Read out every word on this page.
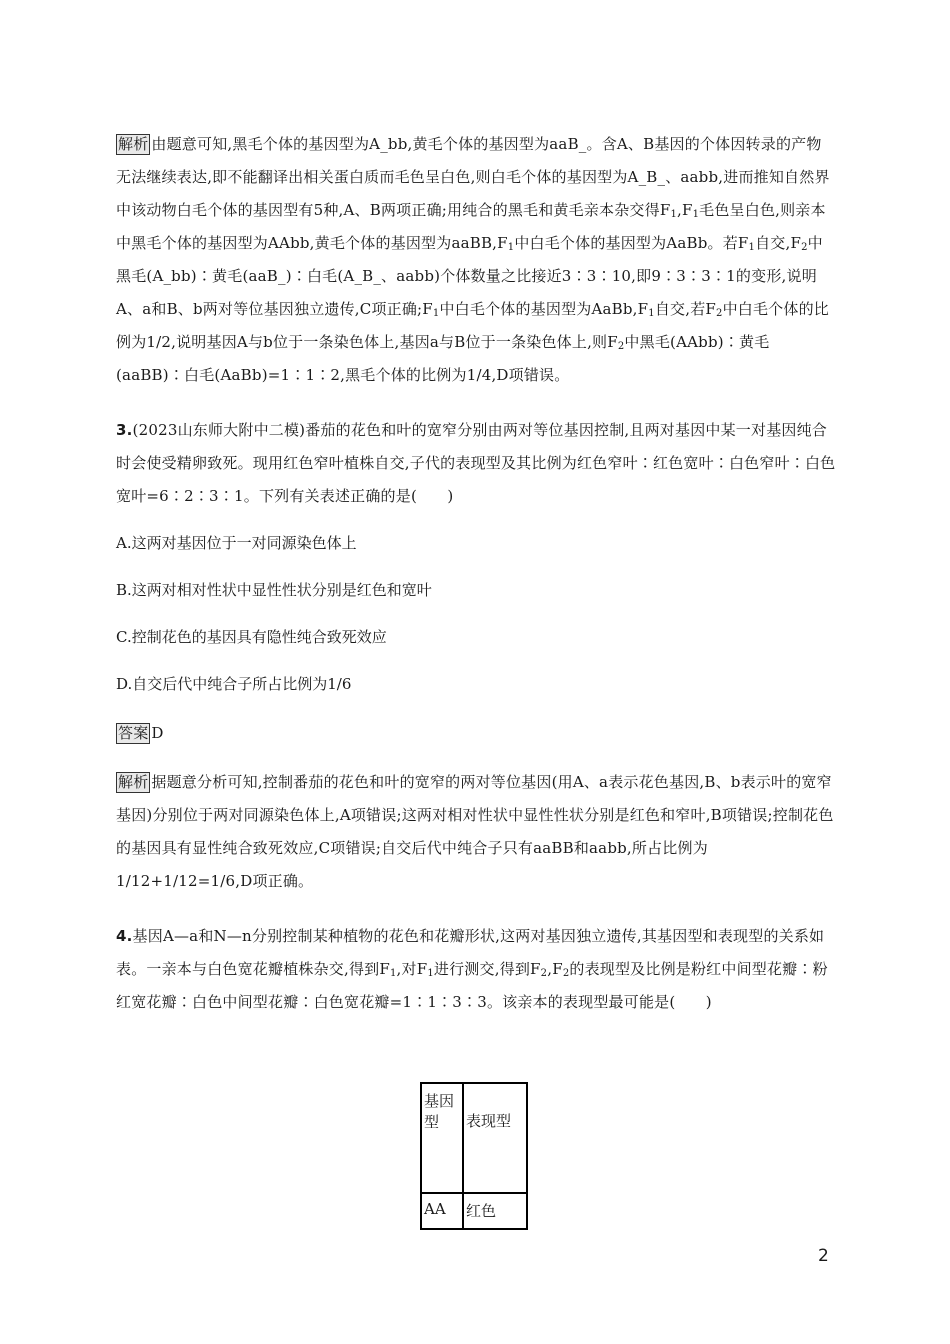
解析 由题意可知,黑毛个体的基因型为A_bb,黄毛个体的基因型为aaB_。含A、B基因的个体因转录的产物无法继续表达,即不能翻译出相关蛋白质而毛色呈白色,则白毛个体的基因型为A_B_、aabb,进而推知自然界中该动物白毛个体的基因型有5种,A、B两项正确;用纯合的黑毛和黄毛亲本杂交得$F_1,F_1$毛色呈白色,则亲本中黑毛个体的基因型为AAbb,黄毛个体的基因型为$aaBB,F_1$中白毛个体的基因型为AaBb。若$F_1$自交$,F_2$中黑毛(A_bb)∶黄毛(aaB_)∶白毛(A_B_、aabb)个体数量之比接近3∶3∶10,即9∶3∶3∶1的变形,说明A、a和B、b两对等位基因独立遗传,C项正确$;F_1$中白毛个体的基因型为$AaBb,F_1$自交,若$F_2$中白毛个体的比例为1/2,说明基因A与b位于一条染色体上,基因a与B位于一条染色体上,则$F_2$中黑毛(AAbb)∶黄毛(aaBB)∶白毛(AaBb)=1∶1∶2,黑毛个体的比例为1/4,D项错误。

3.(2023山东师大附中二模)番茄的花色和叶的宽窄分别由两对等位基因控制,且两对基因中某一对基因纯合时会使受精卵致死。现用红色窄叶植株自交,子代的表现型及其比例为红色窄叶∶红色宽叶∶白色窄叶∶白色宽叶=6∶2∶3∶1。下列有关表述正确的是(　　)

A.这两对基因位于一对同源染色体上

B.这两对相对性状中显性性状分别是红色和宽叶

C.控制花色的基因具有隐性纯合致死效应

D.自交后代中纯合子所占比例为1/6

答案 D

解析 据题意分析可知,控制番茄的花色和叶的宽窄的两对等位基因(用A、a表示花色基因,B、b表示叶的宽窄基因)分别位于两对同源染色体上,A项错误;这两对相对性状中显性性状分别是红色和窄叶,B项错误;控制花色的基因具有显性纯合致死效应,C项错误;自交后代中纯合子只有aaBB和aabb,所占比例为1/12+1/12=1/6,D项正确。

4.基因A—a和N—n分别控制某种植物的花色和花瓣形状,这两对基因独立遗传,其基因型和表现型的关系如表。一亲本与白色宽花瓣植株杂交,得到$F_1$,对$F_1$进行测交,得到$F_2,F_2$的表现型及比例是粉红中间型花瓣∶粉红宽花瓣∶白色中间型花瓣∶白色宽花瓣=1∶1∶3∶3。该亲本的表现型最可能是(　　)

基因型	表现型
AA	红色
2
